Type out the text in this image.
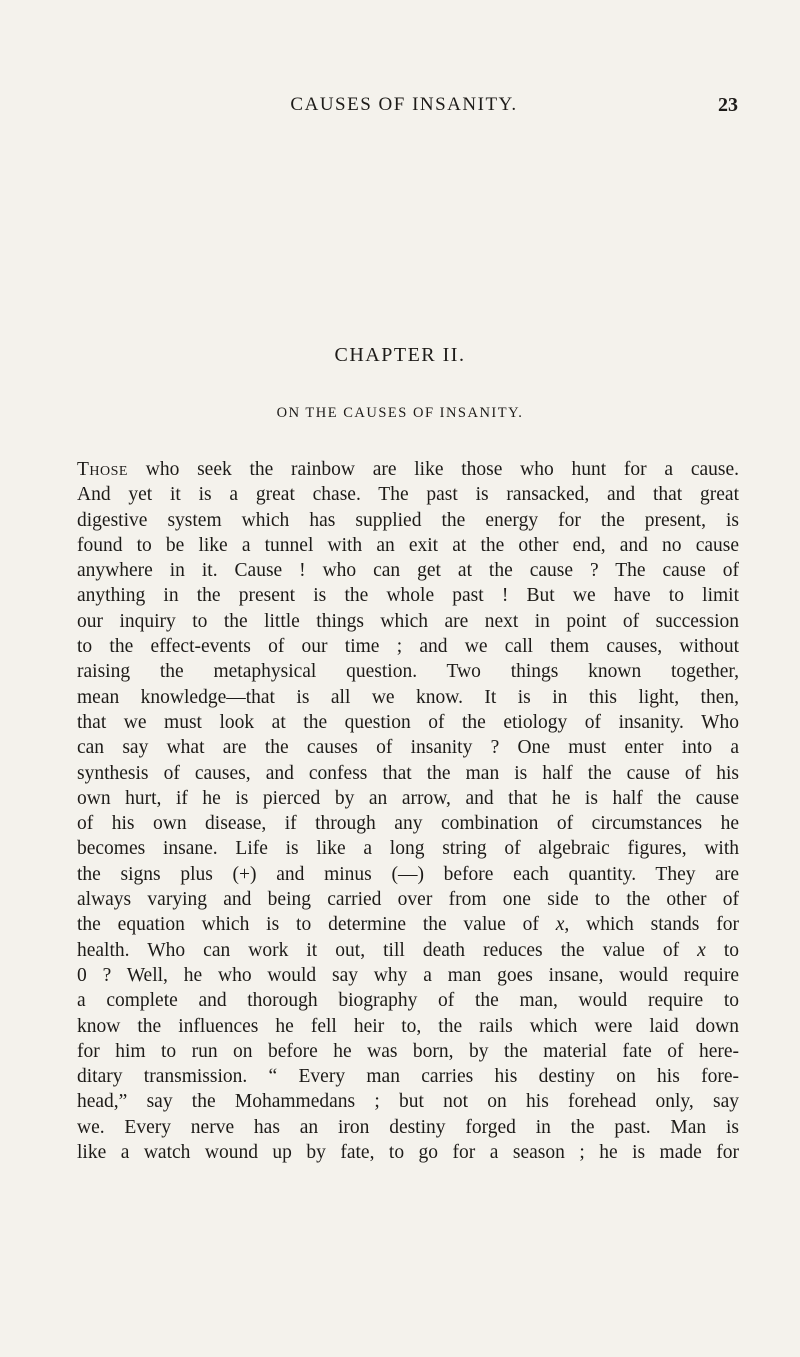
CAUSES OF INSANITY.	23
CHAPTER II.
ON THE CAUSES OF INSANITY.
Those who seek the rainbow are like those who hunt for a cause.
And yet it is a great chase. The past is ransacked, and that great
digestive system which has supplied the energy for the present, is
found to be like a tunnel with an exit at the other end, and no cause
anywhere in it. Cause ! who can get at the cause ? The cause of
anything in the present is the whole past ! But we have to limit
our inquiry to the little things which are next in point of succession
to the effect-events of our time ; and we call them causes, without
raising the metaphysical question. Two things known together,
mean knowledge—that is all we know. It is in this light, then,
that we must look at the question of the etiology of insanity. Who
can say what are the causes of insanity ? One must enter into a
synthesis of causes, and confess that the man is half the cause of his
own hurt, if he is pierced by an arrow, and that he is half the cause
of his own disease, if through any combination of circumstances he
becomes insane. Life is like a long string of algebraic figures, with
the signs plus (+) and minus (—) before each quantity. They are
always varying and being carried over from one side to the other of
the equation which is to determine the value of x, which stands for
health. Who can work it out, till death reduces the value of x to
0 ? Well, he who would say why a man goes insane, would require
a complete and thorough biography of the man, would require to
know the influences he fell heir to, the rails which were laid down
for him to run on before he was born, by the material fate of here-
ditary transmission. “ Every man carries his destiny on his fore-
head,” say the Mohammedans ; but not on his forehead only, say
we. Every nerve has an iron destiny forged in the past. Man is
like a watch wound up by fate, to go for a season ; he is made for
